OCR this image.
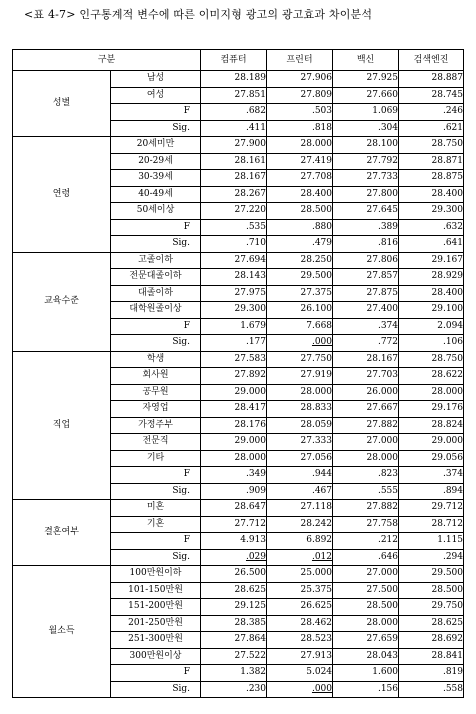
<표 4-7> 인구통계적 변수에 따른 이미지형 광고의 광고효과 차이분석
구분		컴퓨터	프린터	백신	검색엔진
성별	남성	28.189	27.906	27.925	28.887
	여성	27.851	27.809	27.660	28.745
	F	.682	.503	1.069	.246
	Sig.	.411	.818	.304	.621
연령	20세미만	27.900	28.000	28.100	28.750
	20-29세	28.161	27.419	27.792	28.871
	30-39세	28.167	27.708	27.733	28.875
	40-49세	28.267	28.400	27.800	28.400
	50세이상	27.220	28.500	27.645	29.300
	F	.535	.880	.389	.632
	Sig.	.710	.479	.816	.641
교육수준	고졸이하	27.694	28.250	27.806	29.167
	전문대졸이하	28.143	29.500	27.857	28.929
	대졸이하	27.975	27.375	27.875	28.400
	대학원졸이상	29.300	26.100	27.400	29.100
	F	1.679	7.668	.374	2.094
	Sig.	.177	.000	.772	.106
직업	학생	27.583	27.750	28.167	28.750
	회사원	27.892	27.919	27.703	28.622
	공무원	29.000	28.000	26.000	28.000
	자영업	28.417	28.833	27.667	29.176
	가정주부	28.176	28.059	27.882	28.824
	전문직	29.000	27.333	27.000	29.000
	기타	28.000	27.056	28.000	29.056
	F	.349	.944	.823	.374
	Sig.	.909	.467	.555	.894
결혼여부	미혼	28.647	27.118	27.882	29.712
	기혼	27.712	28.242	27.758	28.712
	F	4.913	6.892	.212	1.115
	Sig.	.029	.012	.646	.294
월소득	100만원이하	26.500	25.000	27.000	29.500
	101-150만원	28.625	25.375	27.500	28.500
	151-200만원	29.125	26.625	28.500	29.750
	201-250만원	28.385	28.462	28.000	28.625
	251-300만원	27.864	28.523	27.659	28.692
	300만원이상	27.522	27.913	28.043	28.841
	F	1.382	5.024	1.600	.819
	Sig.	.230	.000	.156	.558
